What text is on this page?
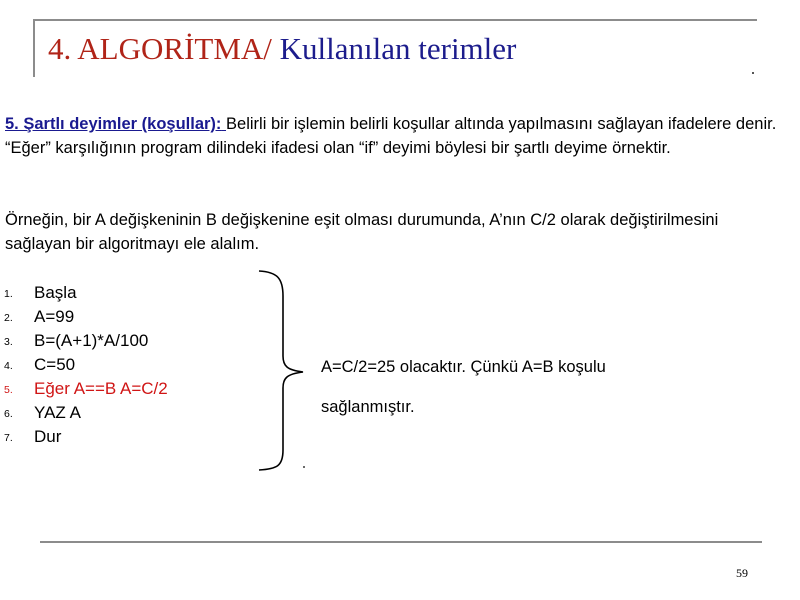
4. ALGORİTMA/ Kullanılan terimler

5. Şartlı deyimler (koşullar): Belirli bir işlemin belirli koşullar altında yapılmasını sağlayan ifadelere denir. “Eğer” karşılığının program dilindeki ifadesi olan “if” deyimi böylesi bir şartlı deyime örnektir.

Örneğin, bir A değişkeninin B değişkenine eşit olması durumunda, A’nın C/2 olarak değiştirilmesini sağlayan bir algoritmayı ele alalım.

1.	Başla
2.	A=99
3.	B=(A+1)*A/100
4.	C=50
5.	Eğer A==B A=C/2
6.	YAZ A
7.	Dur

A=C/2=25 olacaktır. Çünkü A=B koşulu

sağlanmıştır.

59
